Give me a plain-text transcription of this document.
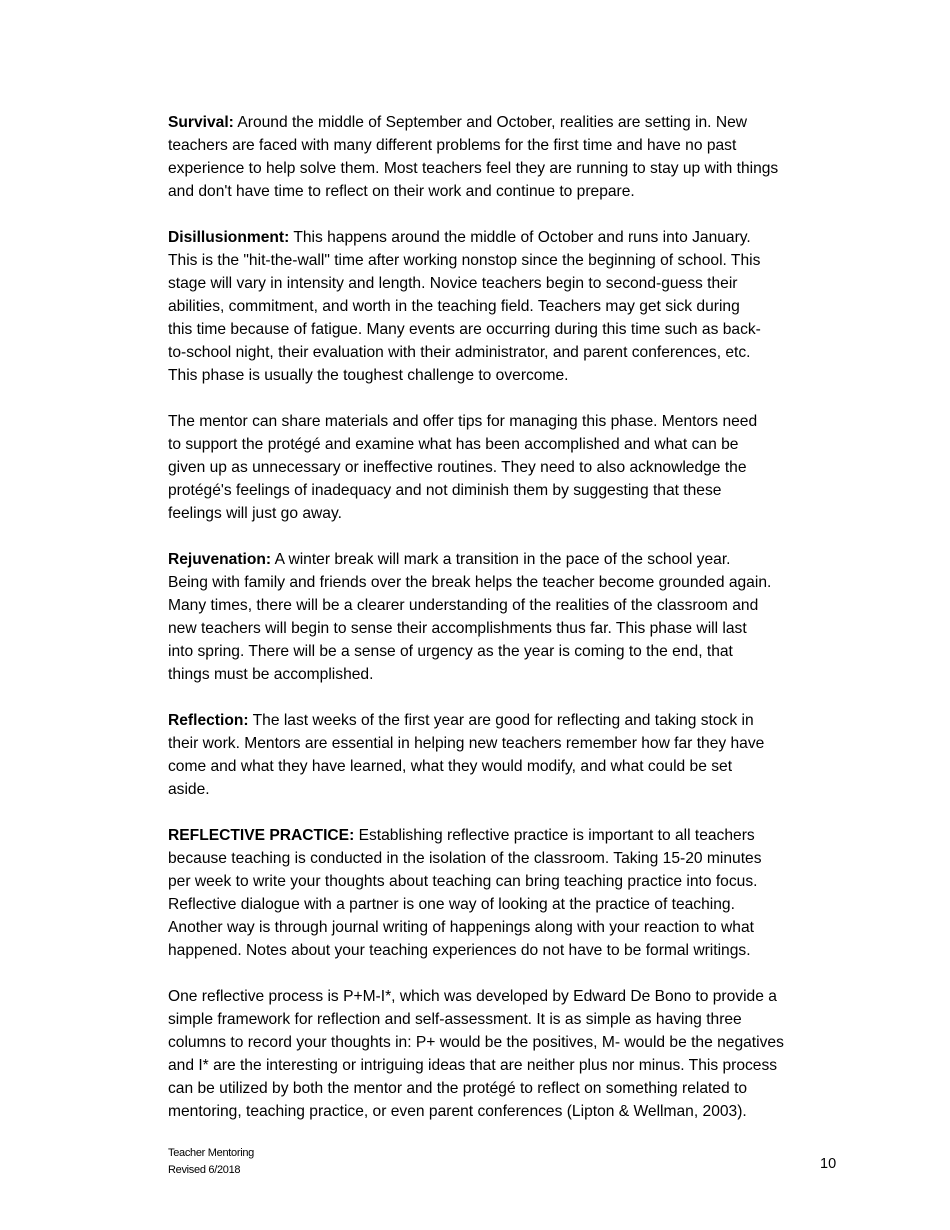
Survival: Around the middle of September and October, realities are setting in. New
teachers are faced with many different problems for the first time and have no past
experience to help solve them. Most teachers feel they are running to stay up with things
and don't have time to reflect on their work and continue to prepare.

Disillusionment: This happens around the middle of October and runs into January.
This is the "hit-the-wall" time after working nonstop since the beginning of school. This
stage will vary in intensity and length. Novice teachers begin to second-guess their
abilities, commitment, and worth in the teaching field. Teachers may get sick during
this time because of fatigue. Many events are occurring during this time such as back-
to-school night, their evaluation with their administrator, and parent conferences, etc.
This phase is usually the toughest challenge to overcome.

The mentor can share materials and offer tips for managing this phase. Mentors need
to support the protégé and examine what has been accomplished and what can be
given up as unnecessary or ineffective routines. They need to also acknowledge the
protégé's feelings of inadequacy and not diminish them by suggesting that these
feelings will just go away.

Rejuvenation: A winter break will mark a transition in the pace of the school year.
Being with family and friends over the break helps the teacher become grounded again.
Many times, there will be a clearer understanding of the realities of the classroom and
new teachers will begin to sense their accomplishments thus far. This phase will last
into spring. There will be a sense of urgency as the year is coming to the end, that
things must be accomplished.

Reflection: The last weeks of the first year are good for reflecting and taking stock in
their work. Mentors are essential in helping new teachers remember how far they have
come and what they have learned, what they would modify, and what could be set
aside.

REFLECTIVE PRACTICE: Establishing reflective practice is important to all teachers
because teaching is conducted in the isolation of the classroom. Taking 15-20 minutes
per week to write your thoughts about teaching can bring teaching practice into focus.
Reflective dialogue with a partner is one way of looking at the practice of teaching.
Another way is through journal writing of happenings along with your reaction to what
happened. Notes about your teaching experiences do not have to be formal writings.

One reflective process is P+M-I*, which was developed by Edward De Bono to provide a
simple framework for reflection and self-assessment. It is as simple as having three
columns to record your thoughts in: P+ would be the positives, M- would be the negatives
and I* are the interesting or intriguing ideas that are neither plus nor minus. This process
can be utilized by both the mentor and the protégé to reflect on something related to
mentoring, teaching practice, or even parent conferences (Lipton & Wellman, 2003).

Teacher Mentoring
Revised 6/2018	10
